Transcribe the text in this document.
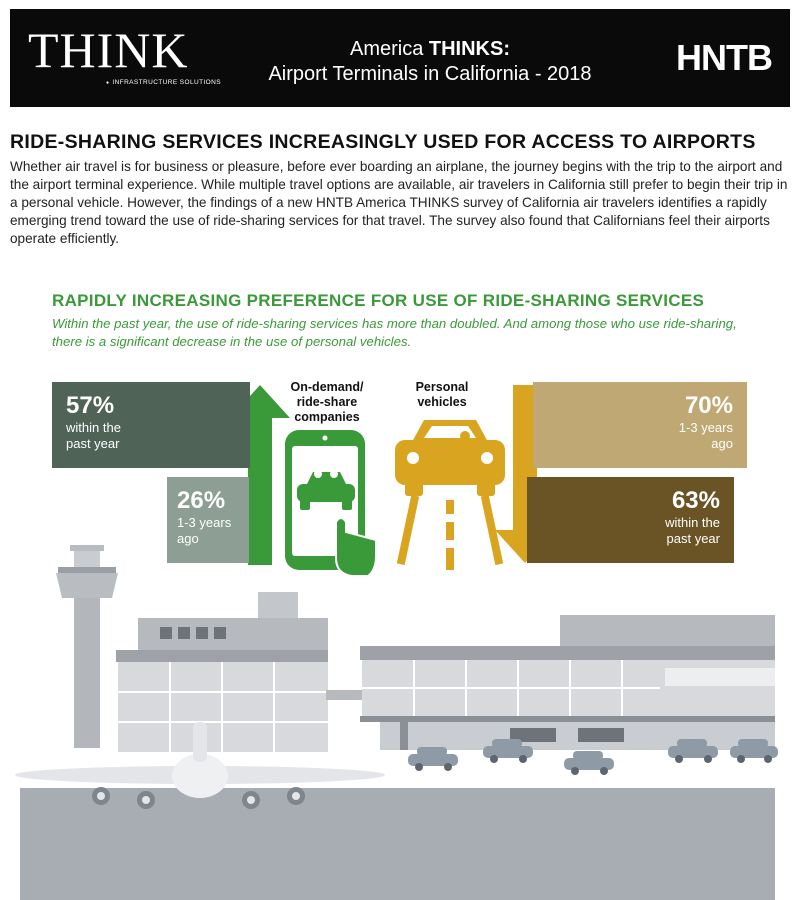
THINK
● INFRASTRUCTURE SOLUTIONS
America THINKS:
Airport Terminals in California - 2018 HNTB
RIDE-SHARING SERVICES INCREASINGLY USED FOR ACCESS TO AIRPORTS
Whether air travel is for business or pleasure, before ever boarding an airplane, the journey begins with the trip to the airport and the airport terminal experience. While multiple travel options are available, air travelers in California still prefer to begin their trip in a personal vehicle. However, the findings of a new HNTB America THINKS survey of California air travelers identifies a rapidly emerging trend toward the use of ride-sharing services for that travel. The survey also found that Californians feel their airports operate efficiently.
RAPIDLY INCREASING PREFERENCE FOR USE OF RIDE-SHARING SERVICES
Within the past year, the use of ride-sharing services has more than doubled. And among those who use ride-sharing, there is a significant decrease in the use of personal vehicles.
57%
within the
past year
26%
1-3 years
ago
70%
1-3 years
ago
63%
within the
past year
On-demand/
ride-share
companies
Personal
vehicles
